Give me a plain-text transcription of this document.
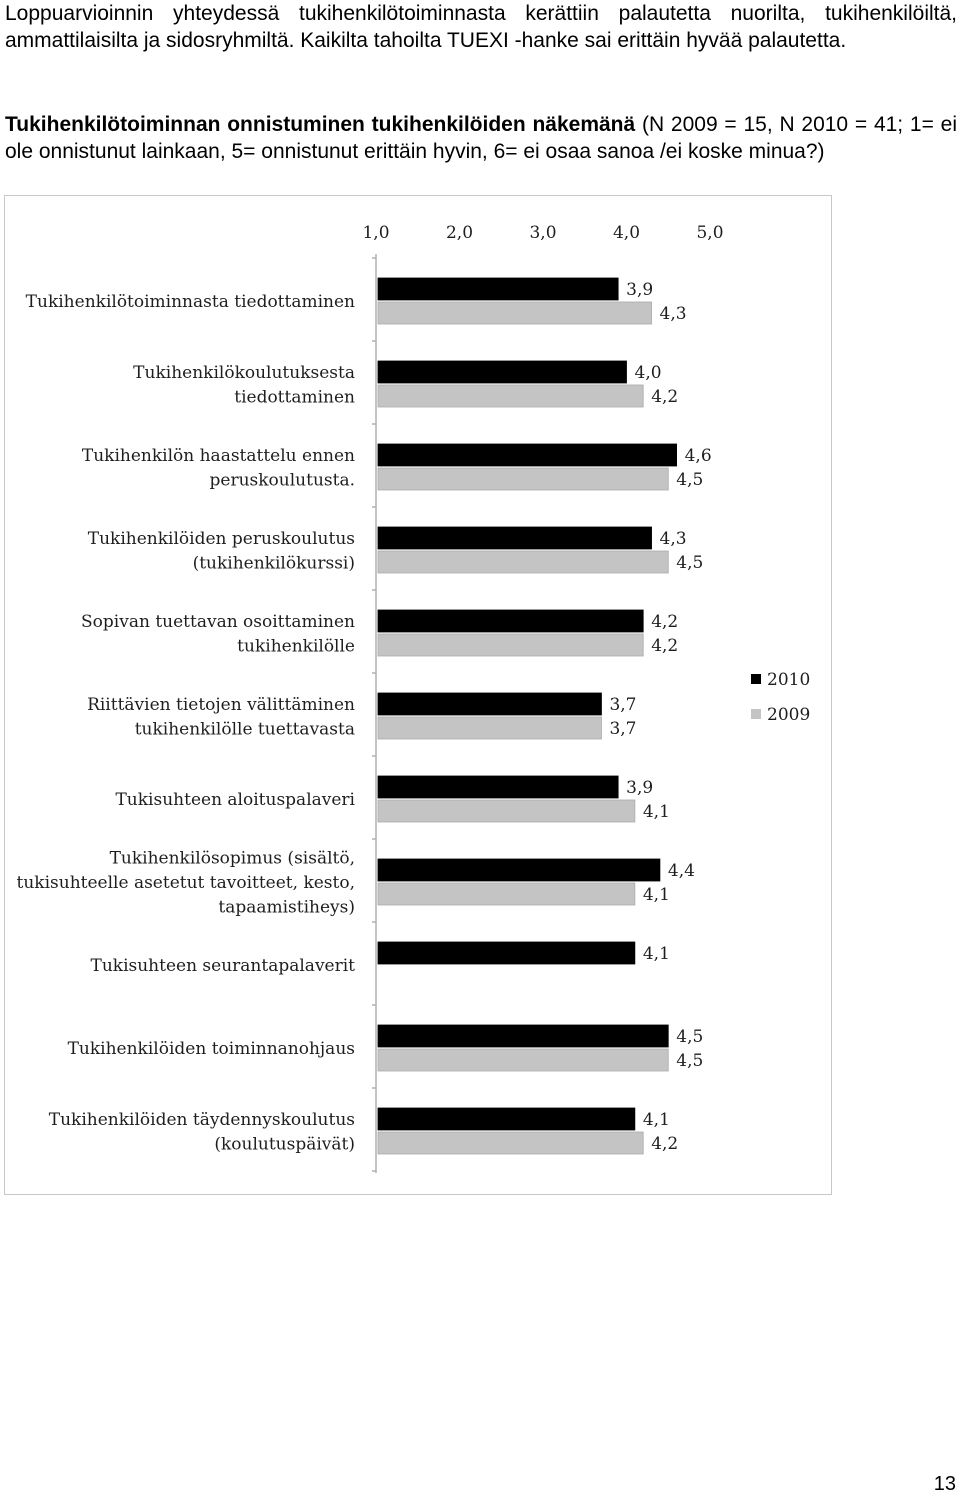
Loppuarvioinnin yhteydessä tukihenkilötoiminnasta kerättiin palautetta nuorilta, tukihenkilöiltä, ammattilaisilta ja sidosryhmiltä. Kaikilta tahoilta TUEXI -hanke sai erittäin hyvää palautetta.

Tukihenkilötoiminnan onnistuminen tukihenkilöiden näkemänä (N 2009 = 15, N 2010 = 41; 1= ei ole onnistunut lainkaan, 5= onnistunut erittäin hyvin, 6= ei osaa sanoa /ei koske minua?)

1,0	2,0	3,0	4,0	5,0
Tukihenkilötoiminnasta tiedottaminen
3,9
4,3
Tukihenkilökoulutuksesta
tiedottaminen
4,0
4,2
Tukihenkilön haastattelu ennen
peruskoulutusta.
4,6
4,5
Tukihenkilöiden peruskoulutus
(tukihenkilökurssi)
4,3
4,5
Sopivan tuettavan osoittaminen
tukihenkilölle
4,2
4,2
Riittävien tietojen välittäminen
tukihenkilölle tuettavasta
3,7
3,7
Tukisuhteen aloituspalaveri
3,9
4,1
Tukihenkilösopimus (sisältö,
tukisuhteelle asetetut tavoitteet, kesto,
tapaamistiheys)
4,4
4,1
Tukisuhteen seurantapalaverit
4,1
Tukihenkilöiden toiminnanohjaus
4,5
4,5
Tukihenkilöiden täydennyskoulutus
(koulutuspäivät)
4,1
4,2
2010
2009
13
